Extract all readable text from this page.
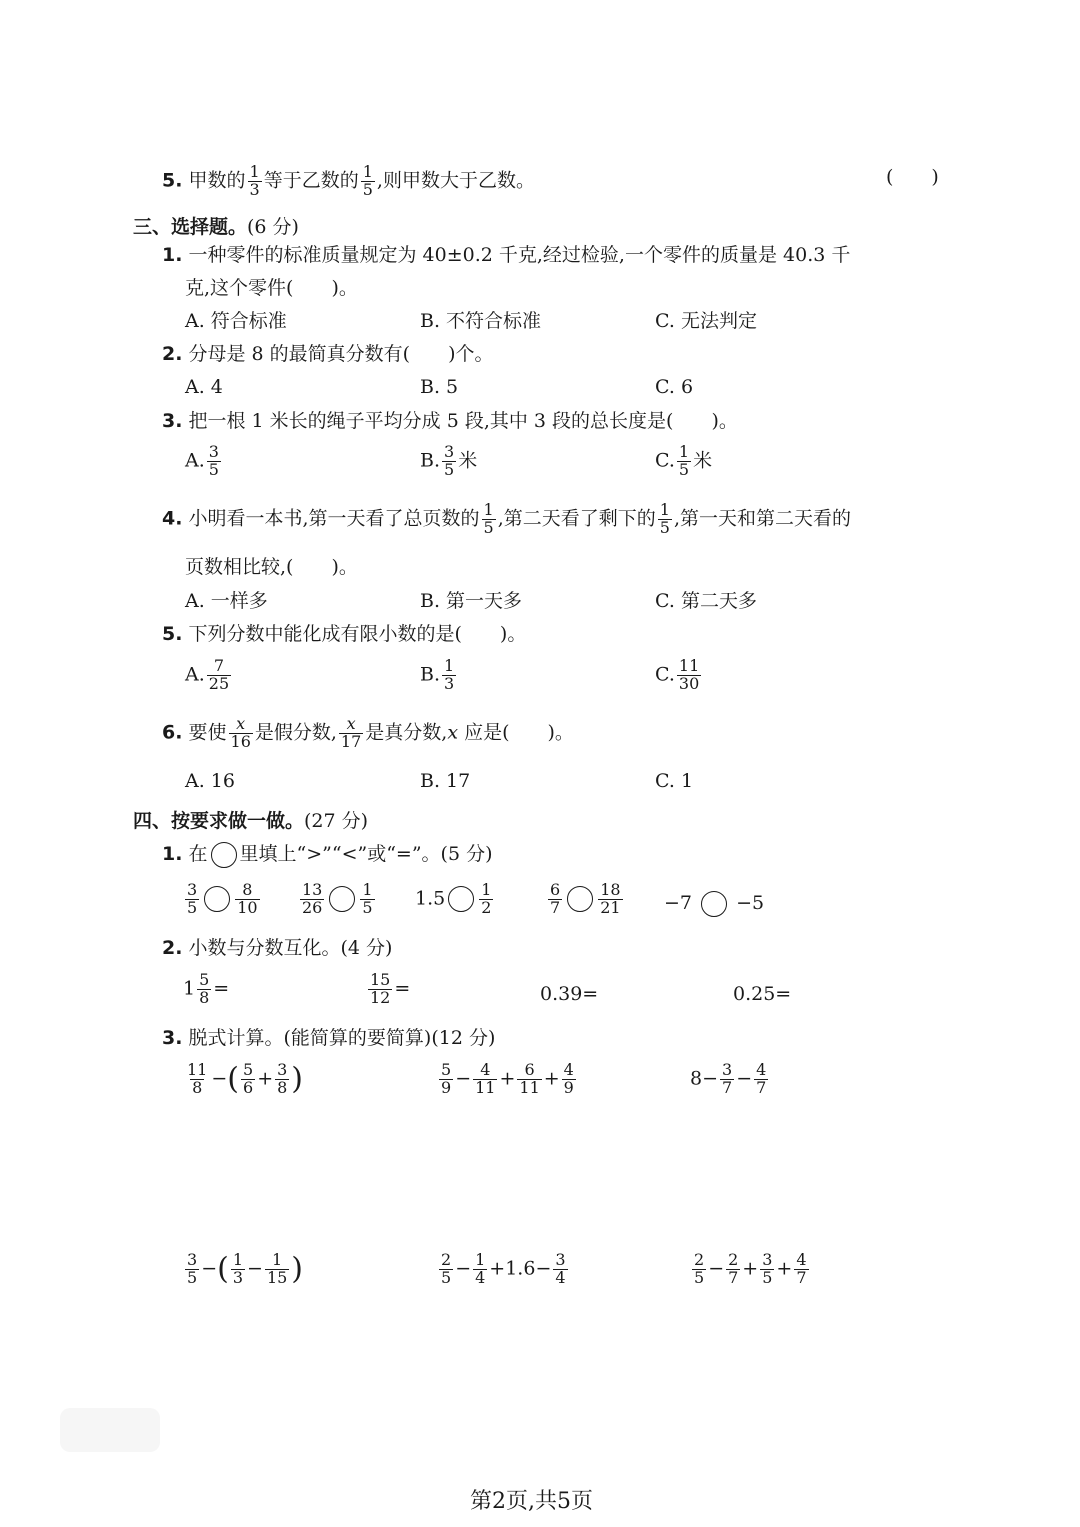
5. 甲数的 $\frac{1}{3}$ 等于乙数的 $\frac{1}{5}$ ,则甲数大于乙数。	(　　)
三、选择题。(6 分)
1. 一种零件的标准质量规定为 40±0.2 千克,经过检验,一个零件的质量是 40.3 千
克,这个零件(　　)。
A. 符合标准	B. 不符合标准	C. 无法判定
2. 分母是 8 的最简真分数有(　　)个。
A. 4	B. 5	C. 6
3. 把一根 1 米长的绳子平均分成 5 段,其中 3 段的总长度是(　　)。
A. $\frac{3}{5}$	B. $\frac{3}{5}$ 米	C. $\frac{1}{5}$ 米
4. 小明看一本书,第一天看了总页数的 $\frac{1}{5}$ ,第二天看了剩下的 $\frac{1}{5}$ ,第一天和第二天看的
页数相比较,(　　)。
A. 一样多	B. 第一天多	C. 第二天多
5. 下列分数中能化成有限小数的是(　　)。
A. $\frac{7}{25}$	B. $\frac{1}{3}$	C. $\frac{11}{30}$
6. 要使 $\frac{x}{16}$ 是假分数, $\frac{x}{17}$ 是真分数,x 应是(　　)。
A. 16	B. 17	C. 1
四、按要求做一做。(27 分)
1. 在 里填上“>”“<”或“=”。(5 分)
$\frac{3}{5} \frac{8}{10}$	$\frac{13}{26} \frac{1}{5} 1.5 \frac{1}{2}$	$\frac{6}{7} \frac{18}{21} -7 -5$
2. 小数与分数互化。(4 分)
$1 \frac{5}{8}$ =	$\frac{15}{12}$ =	0.39=	0.25=
3. 脱式计算。(能简算的要简算)(12 分)
$\frac{11}{8}$ −( $\frac{5}{6} + \frac{3}{8}$ )	$\frac{5}{9} - \frac{4}{11} + \frac{6}{11} + \frac{4}{9}$	$8- \frac{3}{7} - \frac{4}{7}$
$\frac{3}{5}$ −( $\frac{1}{3} - \frac{1}{15}$ )	$\frac{2}{5} - \frac{1}{4} +1.6- \frac{3}{4}$	$\frac{2}{5} - \frac{2}{7} + \frac{3}{5} + \frac{4}{7}$
第2页,共5页
